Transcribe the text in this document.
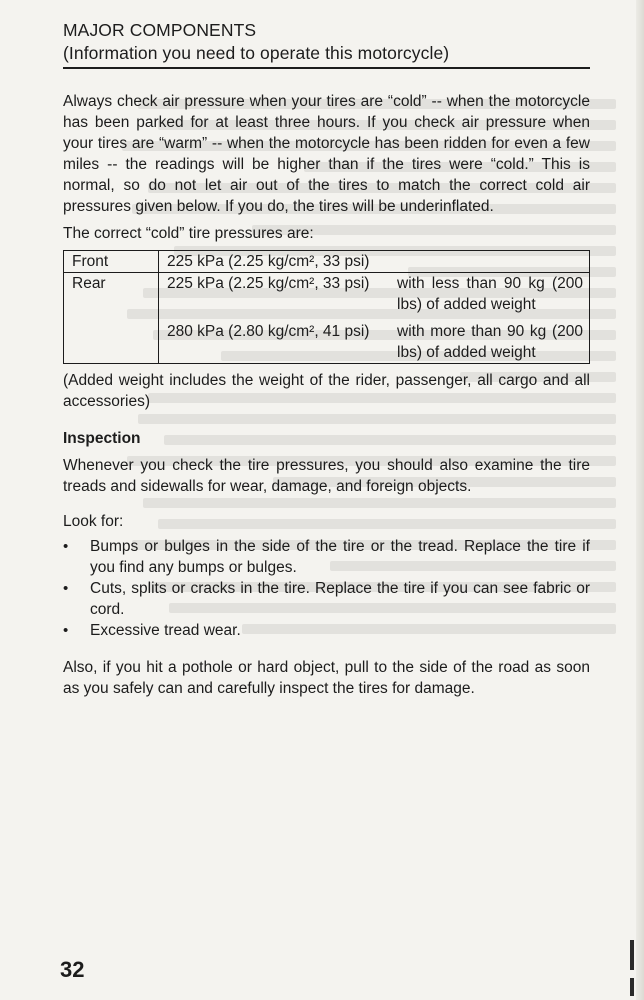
MAJOR COMPONENTS
(Information you need to operate this motorcycle)

Always check air pressure when your tires are “cold” -- when the motorcycle has been parked for at least three hours. If you check air pressure when your tires are “warm” -- when the motorcycle has been ridden for even a few miles -- the readings will be higher than if the tires were “cold.” This is normal, so do not let air out of the tires to match the correct cold air pressures given below. If you do, the tires will be underinflated.

The correct “cold” tire pressures are:

Front	225 kPa (2.25 kg/cm², 33 psi)	
Rear	225 kPa (2.25 kg/cm², 33 psi)	with less than 90 kg (200 lbs) of added weight
	280 kPa (2.80 kg/cm², 41 psi)	with more than 90 kg (200 lbs) of added weight

(Added weight includes the weight of the rider, passenger, all cargo and all accessories)

Inspection

Whenever you check the tire pressures, you should also examine the tire treads and sidewalls for wear, damage, and foreign objects.

Look for:

• Bumps or bulges in the side of the tire or the tread. Replace the tire if you find any bumps or bulges.
• Cuts, splits or cracks in the tire. Replace the tire if you can see fabric or cord.
• Excessive tread wear.

Also, if you hit a pothole or hard object, pull to the side of the road as soon as you safely can and carefully inspect the tires for damage.

32
